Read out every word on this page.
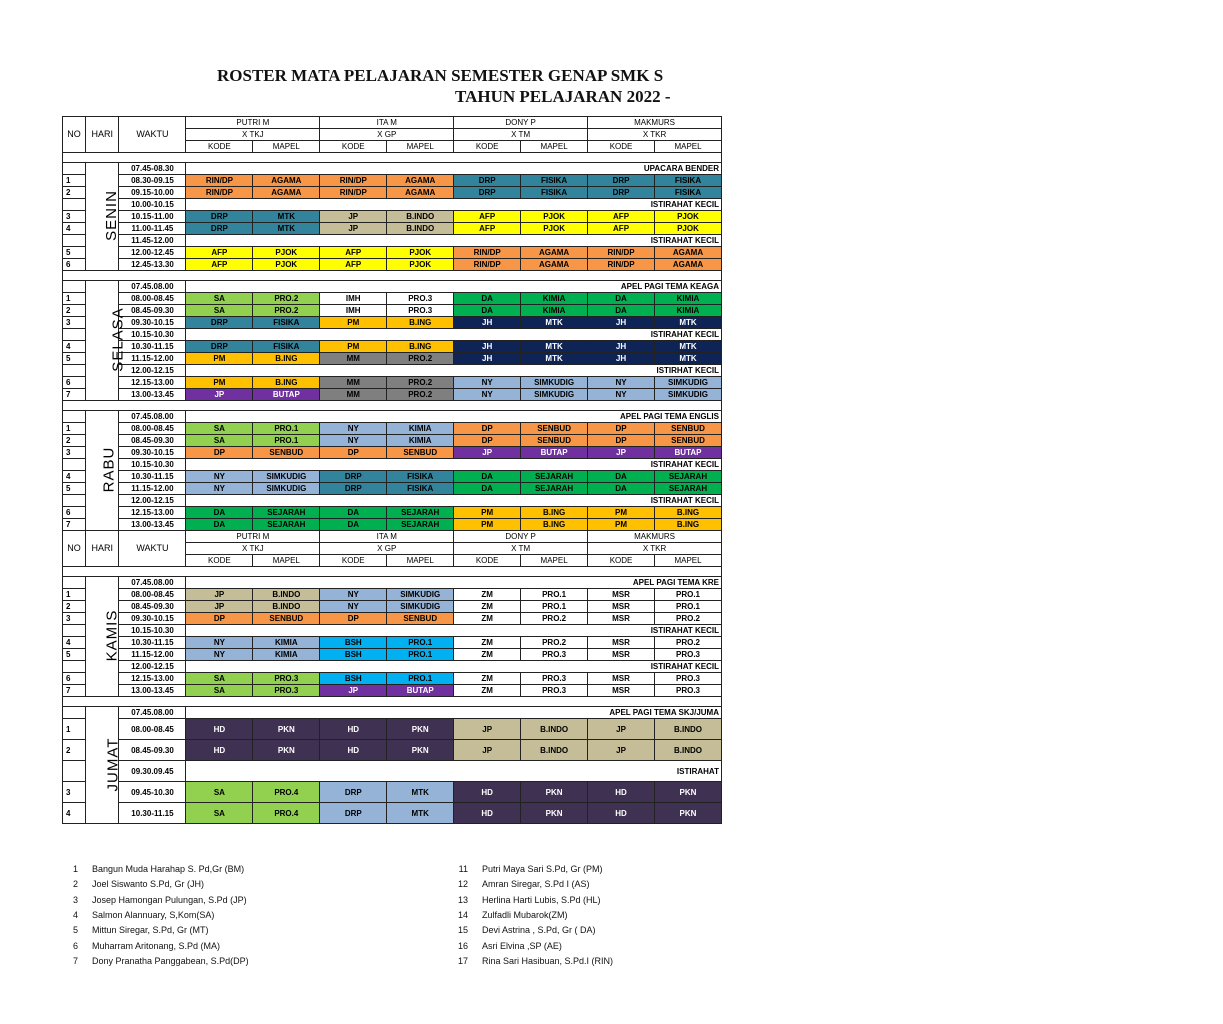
ROSTER MATA PELAJARAN SEMESTER GENAP SMK S
TAHUN PELAJARAN 2022 -
NO	HARI	WAKTU	PUTRI M		ITA M		DONY P		MAKMURS	
			X TKJ		X GP		X TM		X TKR	
			KODE	MAPEL	KODE	MAPEL	KODE	MAPEL	KODE	MAPEL

	SENIN	07.45-08.30	UPACARA BENDER							
1		08.30-09.15	RIN/DP	AGAMA	RIN/DP	AGAMA	DRP	FISIKA	DRP	FISIKA
2		09.15-10.00	RIN/DP	AGAMA	RIN/DP	AGAMA	DRP	FISIKA	DRP	FISIKA
		10.00-10.15	ISTIRAHAT KECIL							
3		10.15-11.00	DRP	MTK	JP	B.INDO	AFP	PJOK	AFP	PJOK
4		11.00-11.45	DRP	MTK	JP	B.INDO	AFP	PJOK	AFP	PJOK
		11.45-12.00	ISTIRAHAT KECIL							
5		12.00-12.45	AFP	PJOK	AFP	PJOK	RIN/DP	AGAMA	RIN/DP	AGAMA
6		12.45-13.30	AFP	PJOK	AFP	PJOK	RIN/DP	AGAMA	RIN/DP	AGAMA

	SELASA	07.45.08.00	APEL PAGI TEMA KEAGA							
1		08.00-08.45	SA	PRO.2	IMH	PRO.3	DA	KIMIA	DA	KIMIA
2		08.45-09.30	SA	PRO.2	IMH	PRO.3	DA	KIMIA	DA	KIMIA
3		09.30-10.15	DRP	FISIKA	PM	B.ING	JH	MTK	JH	MTK
		10.15-10.30	ISTIRAHAT KECIL							
4		10.30-11.15	DRP	FISIKA	PM	B.ING	JH	MTK	JH	MTK
5		11.15-12.00	PM	B.ING	MM	PRO.2	JH	MTK	JH	MTK
		12.00-12.15	ISTIRHAT KECIL							
6		12.15-13.00	PM	B.ING	MM	PRO.2	NY	SIMKUDIG	NY	SIMKUDIG
7		13.00-13.45	JP	BUTAP	MM	PRO.2	NY	SIMKUDIG	NY	SIMKUDIG

	RABU	07.45.08.00	APEL PAGI TEMA ENGLIS							
1		08.00-08.45	SA	PRO.1	NY	KIMIA	DP	SENBUD	DP	SENBUD
2		08.45-09.30	SA	PRO.1	NY	KIMIA	DP	SENBUD	DP	SENBUD
3		09.30-10.15	DP	SENBUD	DP	SENBUD	JP	BUTAP	JP	BUTAP
		10.15-10.30	ISTIRAHAT KECIL							
4		10.30-11.15	NY	SIMKUDIG	DRP	FISIKA	DA	SEJARAH	DA	SEJARAH
5		11.15-12.00	NY	SIMKUDIG	DRP	FISIKA	DA	SEJARAH	DA	SEJARAH
		12.00-12.15	ISTIRAHAT KECIL							
6		12.15-13.00	DA	SEJARAH	DA	SEJARAH	PM	B.ING	PM	B.ING
7		13.00-13.45	DA	SEJARAH	DA	SEJARAH	PM	B.ING	PM	B.ING
NO	HARI	WAKTU	PUTRI M		ITA M		DONY P		MAKMURS	
			X TKJ		X GP		X TM		X TKR	
			KODE	MAPEL	KODE	MAPEL	KODE	MAPEL	KODE	MAPEL

	KAMIS	07.45.08.00	APEL PAGI TEMA KRE							
1		08.00-08.45	JP	B.INDO	NY	SIMKUDIG	ZM	PRO.1	MSR	PRO.1
2		08.45-09.30	JP	B.INDO	NY	SIMKUDIG	ZM	PRO.1	MSR	PRO.1
3		09.30-10.15	DP	SENBUD	DP	SENBUD	ZM	PRO.2	MSR	PRO.2
		10.15-10.30	ISTIRAHAT KECIL							
4		10.30-11.15	NY	KIMIA	BSH	PRO.1	ZM	PRO.2	MSR	PRO.2
5		11.15-12.00	NY	KIMIA	BSH	PRO.1	ZM	PRO.3	MSR	PRO.3
		12.00-12.15	ISTIRAHAT KECIL							
6		12.15-13.00	SA	PRO.3	BSH	PRO.1	ZM	PRO.3	MSR	PRO.3
7		13.00-13.45	SA	PRO.3	JP	BUTAP	ZM	PRO.3	MSR	PRO.3

	JUMAT	07.45.08.00	APEL PAGI TEMA SKJ/JUMA							
1		08.00-08.45	HD	PKN	HD	PKN	JP	B.INDO	JP	B.INDO
2		08.45-09.30	HD	PKN	HD	PKN	JP	B.INDO	JP	B.INDO
		09.30.09.45	ISTIRAHAT							
3		09.45-10.30	SA	PRO.4	DRP	MTK	HD	PKN	HD	PKN
4		10.30-11.15	SA	PRO.4	DRP	MTK	HD	PKN	HD	PKN
1 Bangun Muda Harahap S. Pd,Gr (BM)
2 Joel Siswanto S.Pd, Gr (JH)
3 Josep Hamongan Pulungan, S.Pd (JP)
4 Salmon Alannuary, S,Kom(SA)
5 Mittun Siregar, S.Pd, Gr (MT)
6 Muharram Aritonang, S.Pd (MA)
7 Dony Pranatha Panggabean, S.Pd(DP)
11 Putri Maya Sari S.Pd, Gr (PM)
12 Amran Siregar, S.Pd I (AS)
13 Herlina Harti Lubis, S.Pd (HL)
14 Zulfadli Mubarok(ZM)
15 Devi Astrina , S.Pd, Gr ( DA)
16 Asri Elvina ,SP (AE)
17 Rina Sari Hasibuan, S.Pd.I (RIN)
